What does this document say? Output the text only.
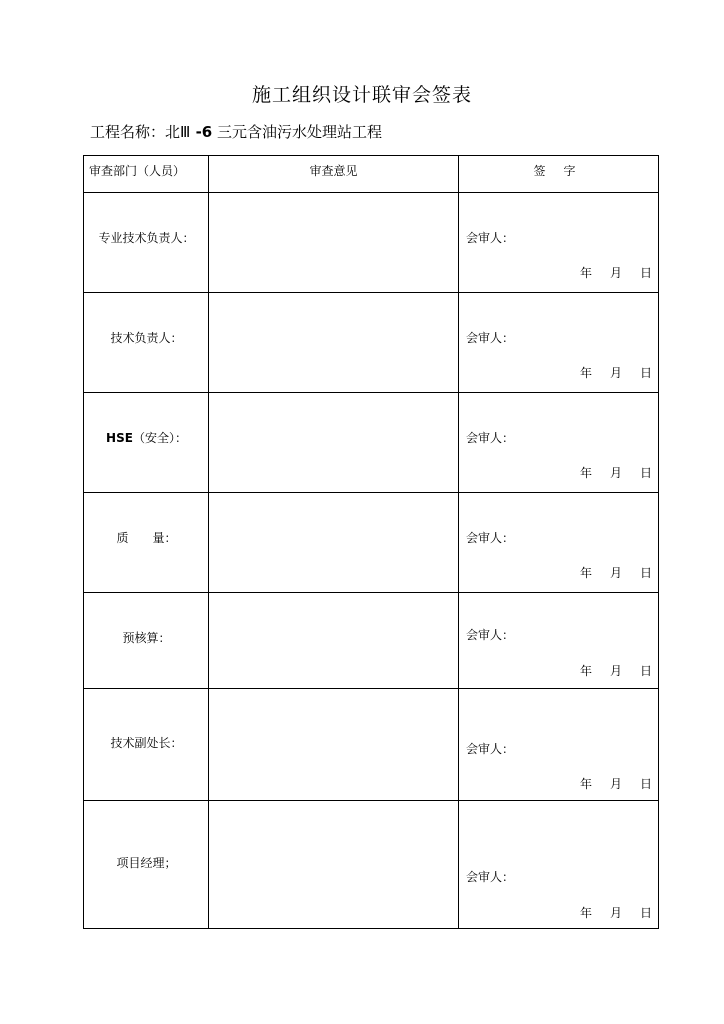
施工组织设计联审会签表
工程名称：北Ⅲ -6 三元含油污水处理站工程
审查部门（人员）	审查意见	签字

专业技术负责人：		会审人：
年 月 日

技术负责人：		会审人：
年 月 日

HSE（安全）：		会审人：
年 月 日

质　　量：		会审人：
年 月 日

预核算：		会审人：
年 月 日

技术副处长：		会审人：
年 月 日

项目经理；		会审人：
年 月 日
